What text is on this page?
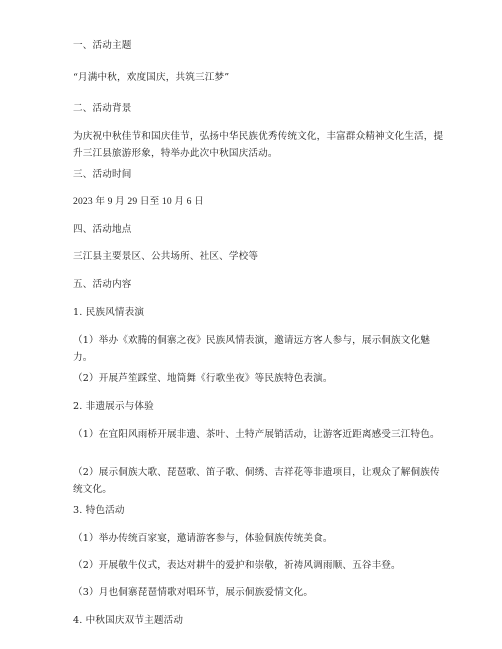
一、活动主题
“月满中秋，欢度国庆，共筑三江梦”
二、活动背景
为庆祝中秋佳节和国庆佳节，弘扬中华民族优秀传统文化，丰富群众精神文化生活，提升三江县旅游形象，特举办此次中秋国庆活动。
三、活动时间
2023 年 9 月 29 日至 10 月 6 日
四、活动地点
三江县主要景区、公共场所、社区、学校等
五、活动内容
1. 民族风情表演
（1）举办《欢腾的侗寨之夜》民族风情表演，邀请远方客人参与，展示侗族文化魅力。
（2）开展芦笙踩堂、地筒舞《行歌坐夜》等民族特色表演。
2. 非遗展示与体验
（1）在宜阳风雨桥开展非遗、茶叶、土特产展销活动，让游客近距离感受三江特色。
（2）展示侗族大歌、琵琶歌、笛子歌、侗绣、吉祥花等非遗项目，让观众了解侗族传统文化。
3. 特色活动
（1）举办传统百家宴，邀请游客参与，体验侗族传统美食。
（2）开展敬牛仪式，表达对耕牛的爱护和崇敬，祈祷风调雨顺、五谷丰登。
（3）月也侗寨琵琶情歌对唱环节，展示侗族爱情文化。
4. 中秋国庆双节主题活动
